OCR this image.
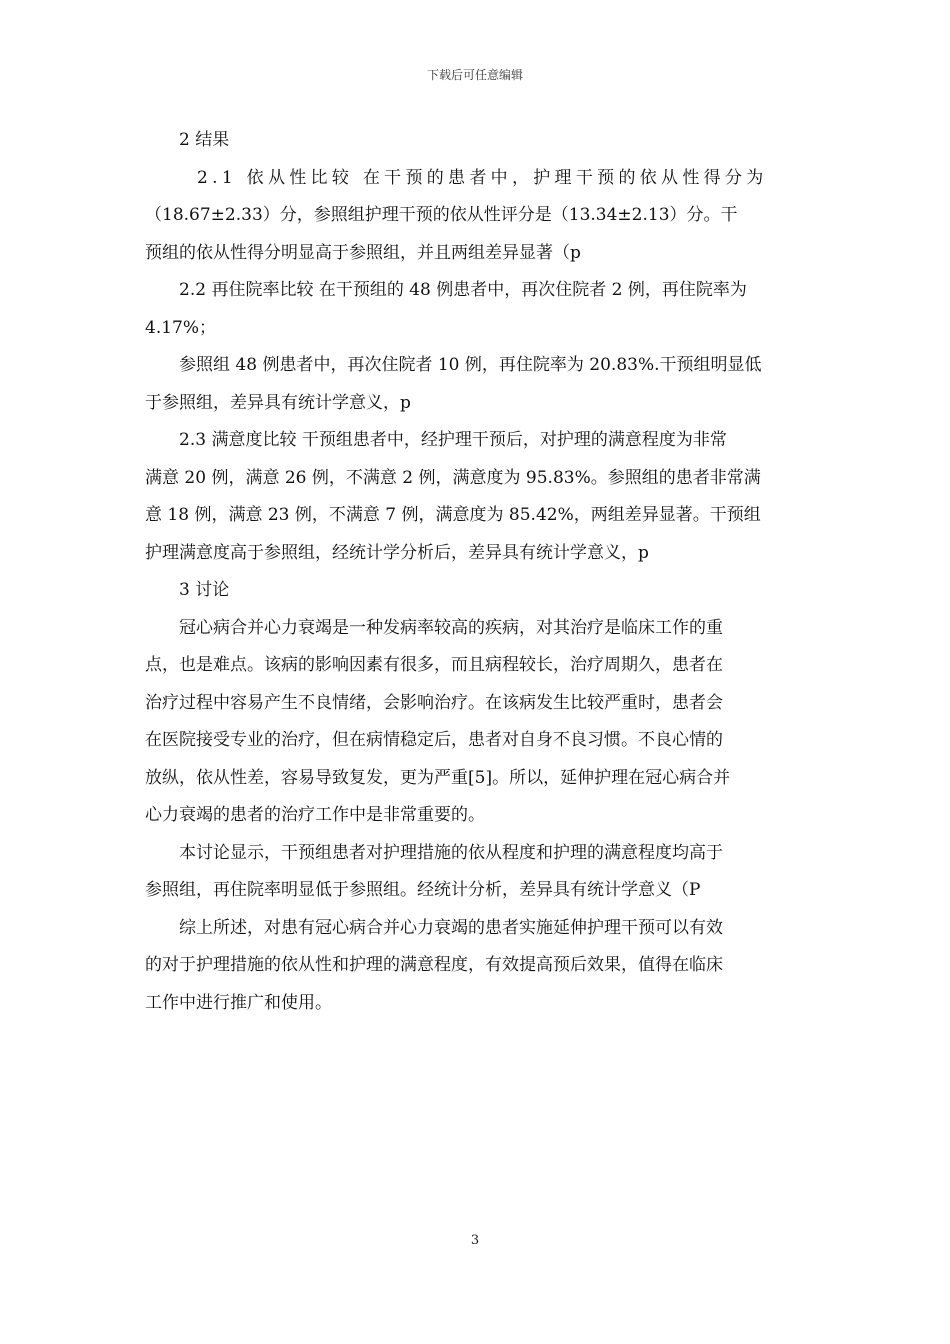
下载后可任意编辑

2 结果

2.1 依从性比较 在干预的患者中，护理干预的依从性得分为

（18.67±2.33）分，参照组护理干预的依从性评分是（13.34±2.13）分。干

预组的依从性得分明显高于参照组，并且两组差异显著（p

2.2 再住院率比较 在干预组的 48 例患者中，再次住院者 2 例，再住院率为

4.17%；

参照组 48 例患者中，再次住院者 10 例，再住院率为 20.83%.干预组明显低

于参照组，差异具有统计学意义，p

2.3 满意度比较 干预组患者中，经护理干预后，对护理的满意程度为非常

满意 20 例，满意 26 例，不满意 2 例，满意度为 95.83%。参照组的患者非常满

意 18 例，满意 23 例，不满意 7 例，满意度为 85.42%，两组差异显著。干预组

护理满意度高于参照组，经统计学分析后，差异具有统计学意义，p

3 讨论

冠心病合并心力衰竭是一种发病率较高的疾病，对其治疗是临床工作的重

点，也是难点。该病的影响因素有很多，而且病程较长，治疗周期久，患者在

治疗过程中容易产生不良情绪，会影响治疗。在该病发生比较严重时，患者会

在医院接受专业的治疗，但在病情稳定后，患者对自身不良习惯。不良心情的

放纵，依从性差，容易导致复发，更为严重[5]。所以，延伸护理在冠心病合并

心力衰竭的患者的治疗工作中是非常重要的。

本讨论显示，干预组患者对护理措施的依从程度和护理的满意程度均高于

参照组，再住院率明显低于参照组。经统计分析，差异具有统计学意义（P

综上所述，对患有冠心病合并心力衰竭的患者实施延伸护理干预可以有效

的对于护理措施的依从性和护理的满意程度，有效提高预后效果，值得在临床

工作中进行推广和使用。

3
